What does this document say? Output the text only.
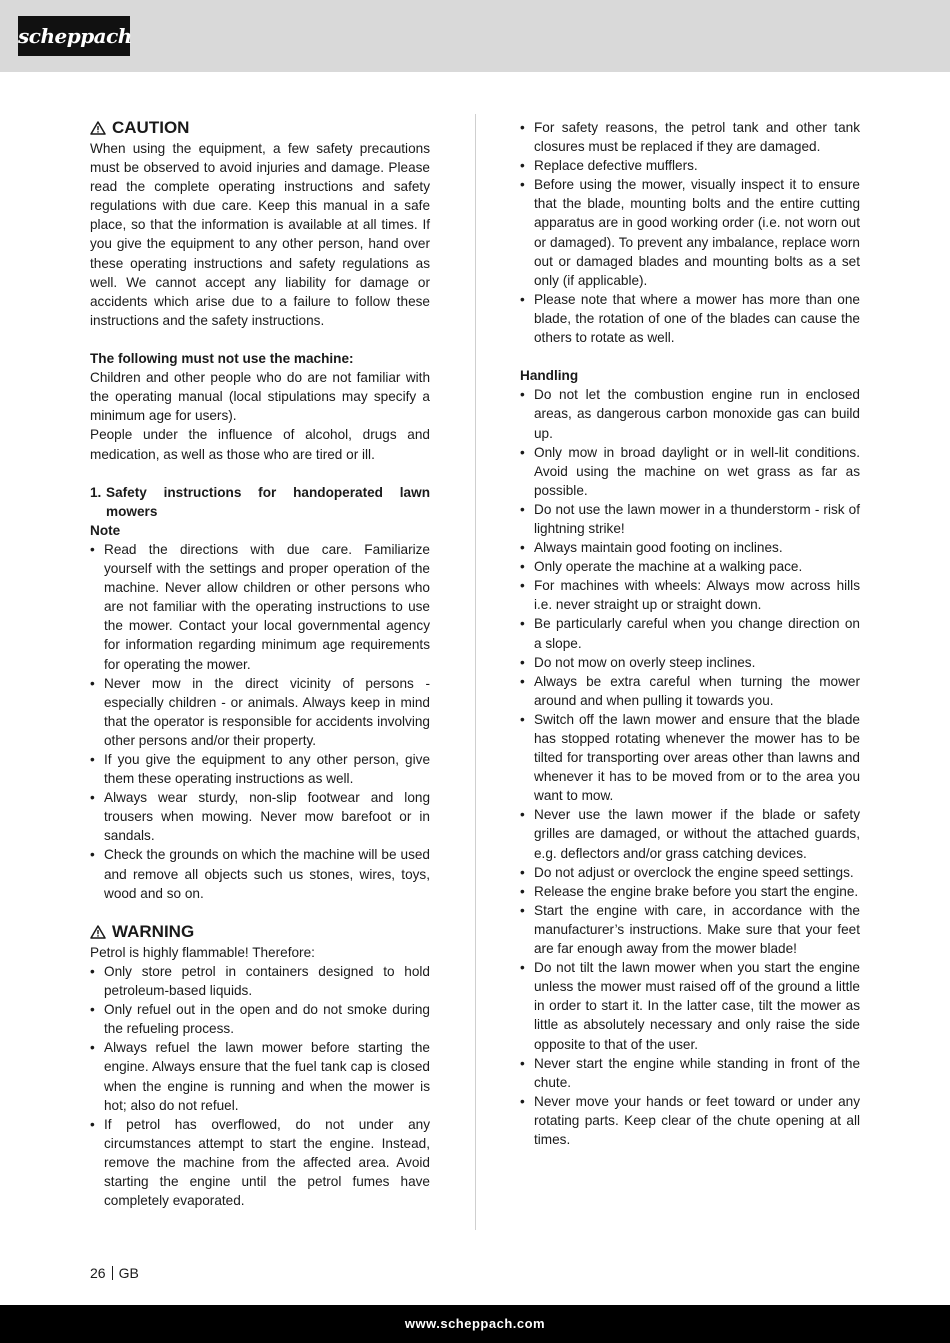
scheppach
CAUTION

When using the equipment, a few safety precautions must be observed to avoid injuries and damage. Please read the complete operating instructions and safety regulations with due care. Keep this manual in a safe place, so that the information is available at all times. If you give the equipment to any other person, hand over these operating instructions and safety regulations as well. We cannot accept any liability for damage or accidents which arise due to a failure to follow these instructions and the safety instructions.

The following must not use the machine:

Children and other people who do are not familiar with the operating manual (local stipulations may specify a minimum age for users).

People under the influence of alcohol, drugs and medication, as well as those who are tired or ill.

1. Safety instructions for handoperated lawn mowers

Note

• Read the directions with due care. Familiarize yourself with the settings and proper operation of the machine. Never allow children or other persons who are not familiar with the operating instructions to use the mower. Contact your local governmental agency for information regarding minimum age requirements for operating the mower.
• Never mow in the direct vicinity of persons - especially children - or animals. Always keep in mind that the operator is responsible for accidents involving other persons and/or their property.
• If you give the equipment to any other person, give them these operating instructions as well.
• Always wear sturdy, non-slip footwear and long trousers when mowing. Never mow barefoot or in sandals.
• Check the grounds on which the machine will be used and remove all objects such us stones, wires, toys, wood and so on.
WARNING

Petrol is highly flammable! Therefore:

• Only store petrol in containers designed to hold petroleum-based liquids.
• Only refuel out in the open and do not smoke during the refueling process.
• Always refuel the lawn mower before starting the engine. Always ensure that the fuel tank cap is closed when the engine is running and when the mower is hot; also do not refuel.
• If petrol has overflowed, do not under any circumstances attempt to start the engine. Instead, remove the machine from the affected area. Avoid starting the engine until the petrol fumes have completely evaporated.
• For safety reasons, the petrol tank and other tank closures must be replaced if they are damaged.
• Replace defective mufflers.
• Before using the mower, visually inspect it to ensure that the blade, mounting bolts and the entire cutting apparatus are in good working order (i.e. not worn out or damaged). To prevent any imbalance, replace worn out or damaged blades and mounting bolts as a set only (if applicable).
• Please note that where a mower has more than one blade, the rotation of one of the blades can cause the others to rotate as well.

Handling

• Do not let the combustion engine run in enclosed areas, as dangerous carbon monoxide gas can build up.
• Only mow in broad daylight or in well-lit conditions. Avoid using the machine on wet grass as far as possible.
• Do not use the lawn mower in a thunderstorm - risk of lightning strike!
• Always maintain good footing on inclines.
• Only operate the machine at a walking pace.
• For machines with wheels: Always mow across hills i.e. never straight up or straight down.
• Be particularly careful when you change direction on a slope.
• Do not mow on overly steep inclines.
• Always be extra careful when turning the mower around and when pulling it towards you.
• Switch off the lawn mower and ensure that the blade has stopped rotating whenever the mower has to be tilted for transporting over areas other than lawns and whenever it has to be moved from or to the area you want to mow.
• Never use the lawn mower if the blade or safety grilles are damaged, or without the attached guards, e.g. deflectors and/or grass catching devices.
• Do not adjust or overclock the engine speed settings.
• Release the engine brake before you start the engine.
• Start the engine with care, in accordance with the manufacturer’s instructions. Make sure that your feet are far enough away from the mower blade!
• Do not tilt the lawn mower when you start the engine unless the mower must raised off of the ground a little in order to start it. In the latter case, tilt the mower as little as absolutely necessary and only raise the side opposite to that of the user.
• Never start the engine while standing in front of the chute.
• Never move your hands or feet toward or under any rotating parts. Keep clear of the chute opening at all times.
26 GB
www.scheppach.com
